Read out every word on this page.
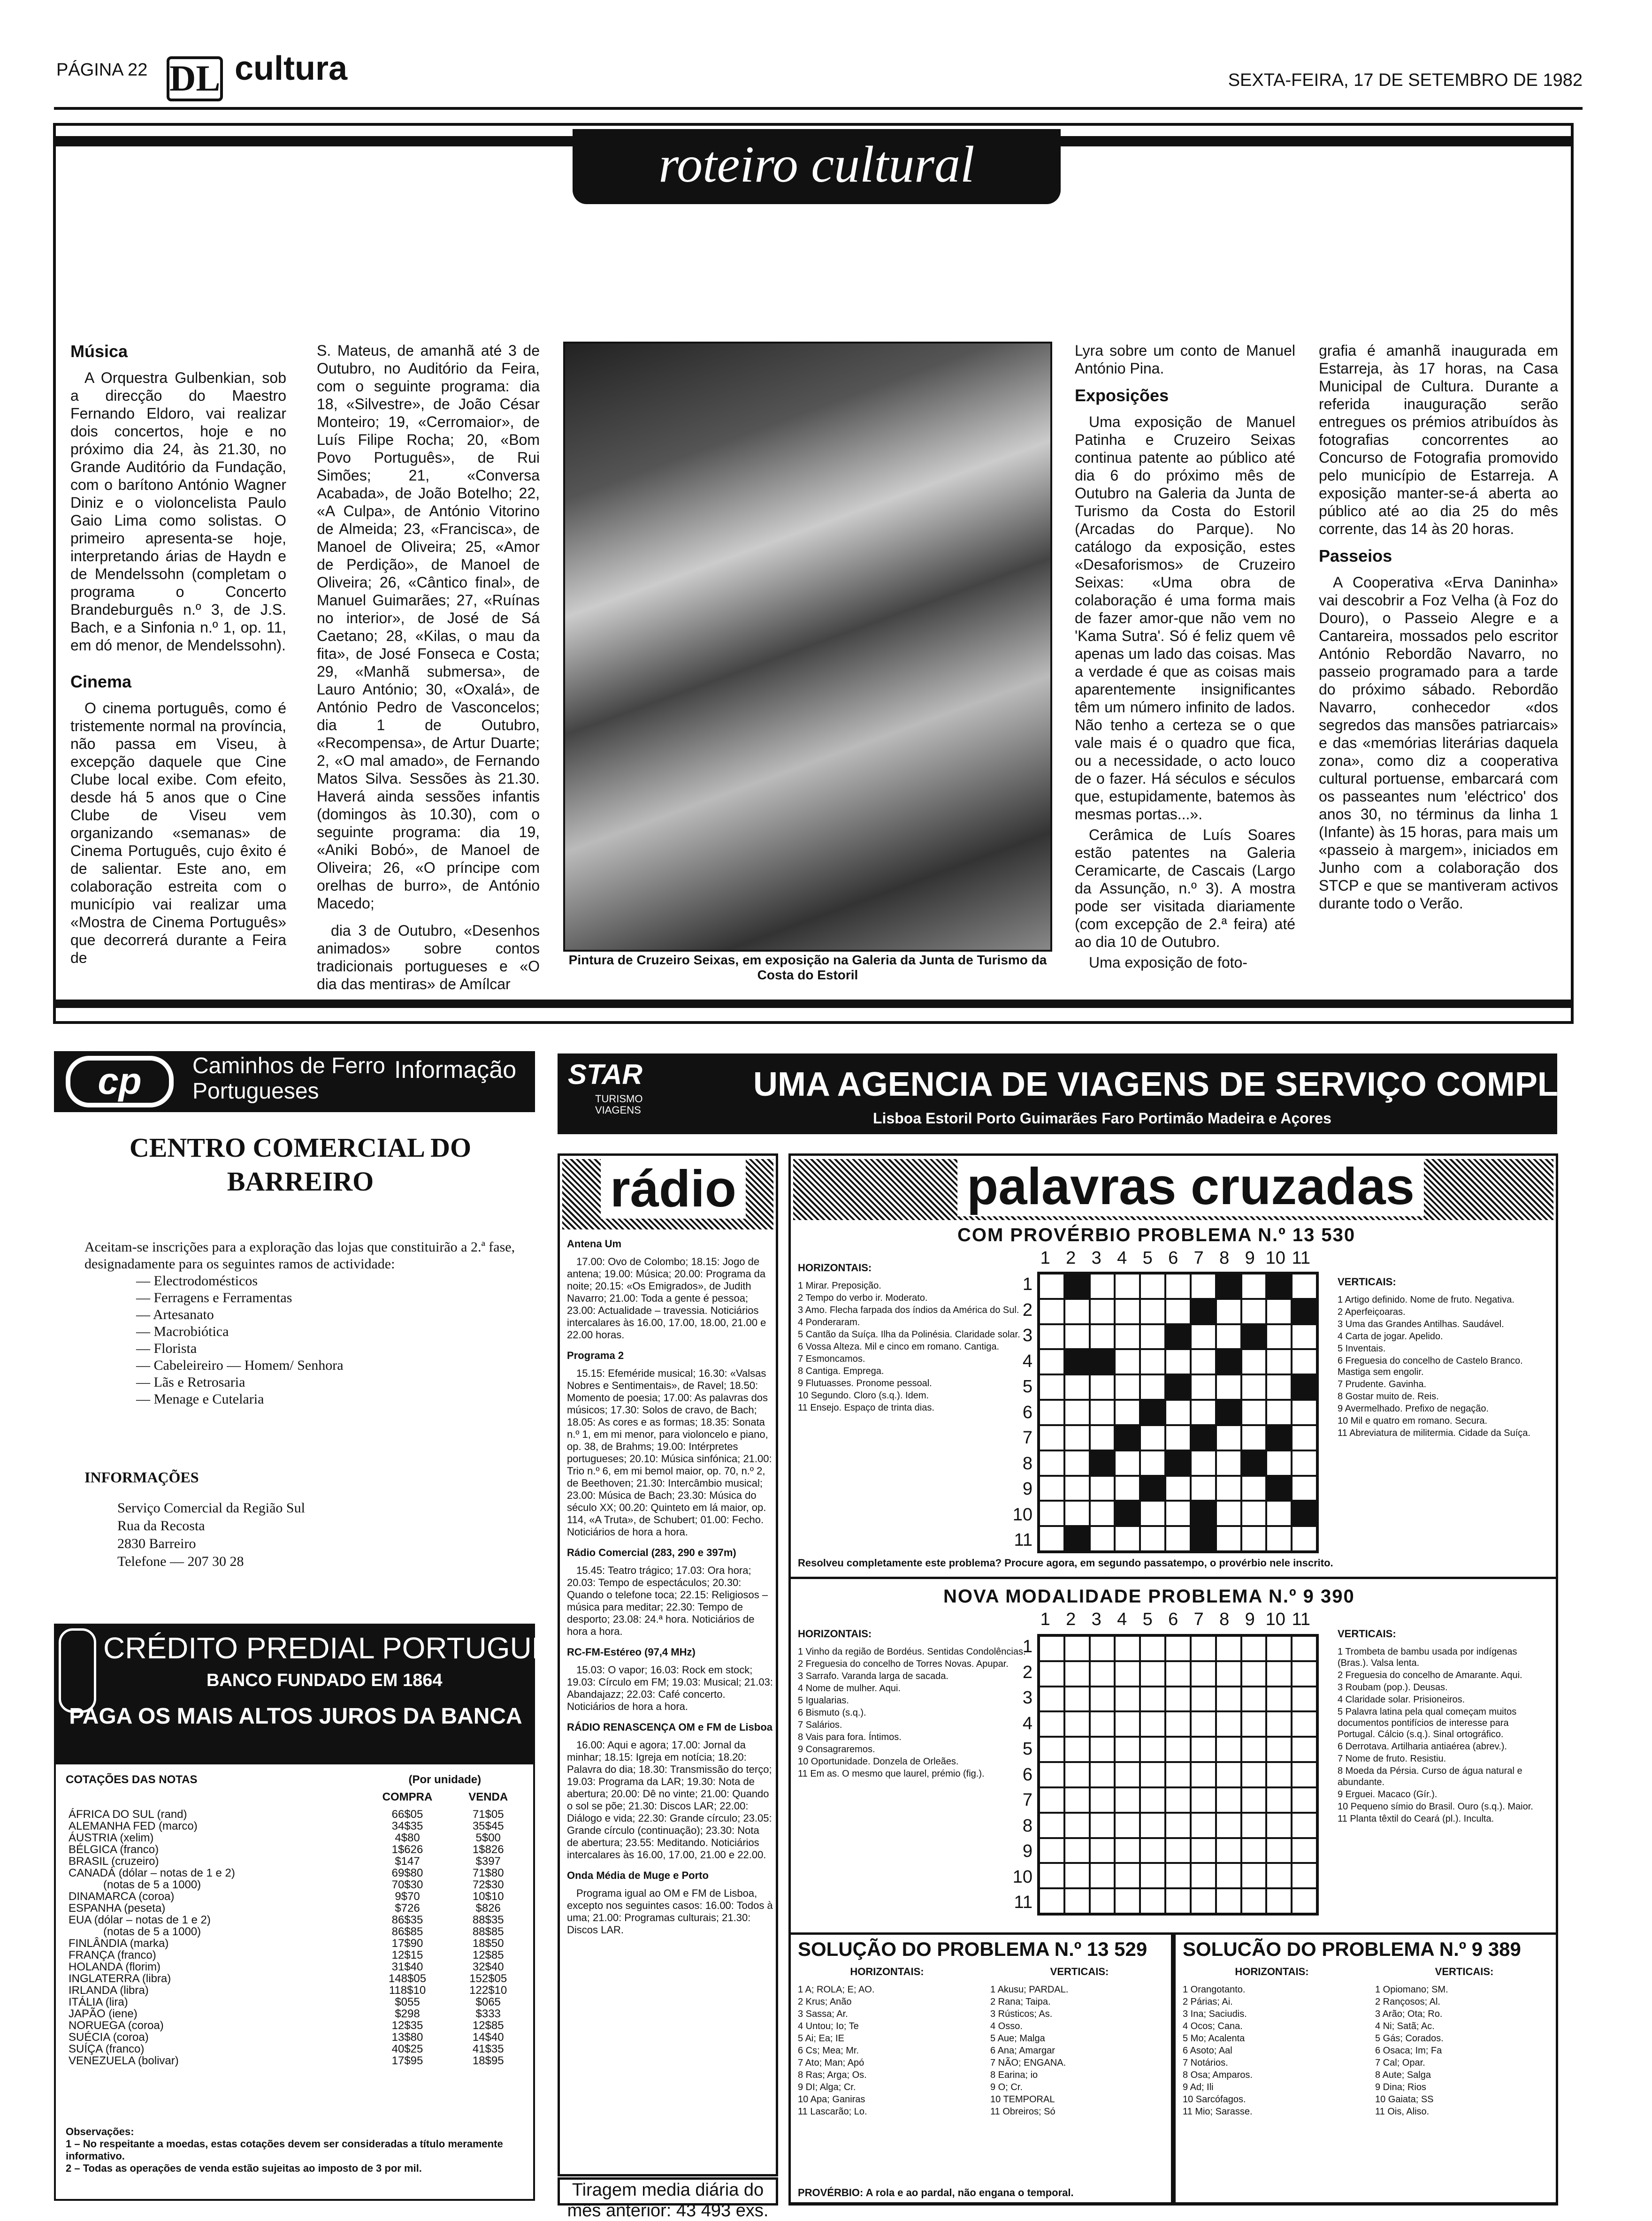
PÁGINA 22 DL cultura	SEXTA-FEIRA, 17 DE SETEMBRO DE 1982
roteiro cultural
Música

A Orquestra Gulbenkian, sob a direcção do Maestro Fernando Eldoro, vai realizar dois concertos, hoje e no próximo dia 24, às 21.30, no Grande Auditório da Fundação, com o barítono António Wagner Diniz e o violoncelista Paulo Gaio Lima como solistas. O primeiro apresenta-se hoje, interpretando árias de Haydn e de Mendelssohn (completam o programa o Concerto Brandeburguês n.º 3, de J.S. Bach, e a Sinfonia n.º 1, op. 11, em dó menor, de Mendelssohn).

Cinema

O cinema português, como é tristemente normal na província, não passa em Viseu, à excepção daquele que Cine Clube local exibe. Com efeito, desde há 5 anos que o Cine Clube de Viseu vem organizando «semanas» de Cinema Português, cujo êxito é de salientar. Este ano, em colaboração estreita com o município vai realizar uma «Mostra de Cinema Português» que decorrerá durante a Feira de

S. Mateus, de amanhã até 3 de Outubro, no Auditório da Feira, com o seguinte programa: dia 18, «Silvestre», de João César Monteiro; 19, «Cerromaior», de Luís Filipe Rocha; 20, «Bom Povo Português», de Rui Simões; 21, «Conversa Acabada», de João Botelho; 22, «A Culpa», de António Vitorino de Almeida; 23, «Francisca», de Manoel de Oliveira; 25, «Amor de Perdição», de Manoel de Oliveira; 26, «Cântico final», de Manuel Guimarães; 27, «Ruínas no interior», de José de Sá Caetano; 28, «Kilas, o mau da fita», de José Fonseca e Costa; 29, «Manhã submersa», de Lauro António; 30, «Oxalá», de António Pedro de Vasconcelos; dia 1 de Outubro, «Recompensa», de Artur Duarte; 2, «O mal amado», de Fernando Matos Silva. Sessões às 21.30. Haverá ainda sessões infantis (domingos às 10.30), com o seguinte programa: dia 19, «Aniki Bobó», de Manoel de Oliveira; 26, «O príncipe com orelhas de burro», de António Macedo;

dia 3 de Outubro, «Desenhos animados» sobre contos tradicionais portugueses e «O dia das mentiras» de Amílcar

Pintura de Cruzeiro Seixas, em exposição na Galeria da Junta de Turismo da Costa do Estoril

Lyra sobre um conto de Manuel António Pina.

Exposições

Uma exposição de Manuel Patinha e Cruzeiro Seixas continua patente ao público até dia 6 do próximo mês de Outubro na Galeria da Junta de Turismo da Costa do Estoril (Arcadas do Parque). No catálogo da exposição, estes «Desaforismos» de Cruzeiro Seixas: «Uma obra de colaboração é uma forma mais de fazer amor-que não vem no 'Kama Sutra'. Só é feliz quem vê apenas um lado das coisas. Mas a verdade é que as coisas mais aparentemente insignificantes têm um número infinito de lados. Não tenho a certeza se o que vale mais é o quadro que fica, ou a necessidade, o acto louco de o fazer. Há séculos e séculos que, estupidamente, batemos às mesmas portas...».

Cerâmica de Luís Soares estão patentes na Galeria Ceramicarte, de Cascais (Largo da Assunção, n.º 3). A mostra pode ser visitada diariamente (com excepção de 2.ª feira) até ao dia 10 de Outubro.

Uma exposição de foto-

grafia é amanhã inaugurada em Estarreja, às 17 horas, na Casa Municipal de Cultura. Durante a referida inauguração serão entregues os prémios atribuídos às fotografias concorrentes ao Concurso de Fotografia promovido pelo município de Estarreja. A exposição manter-se-á aberta ao público até ao dia 25 do mês corrente, das 14 às 20 horas.

Passeios

A Cooperativa «Erva Daninha» vai descobrir a Foz Velha (à Foz do Douro), o Passeio Alegre e a Cantareira, mossados pelo escritor António Rebordão Navarro, no passeio programado para a tarde do próximo sábado. Rebordão Navarro, conhecedor «dos segredos das mansões patriarcais» e das «memórias literárias daquela zona», como diz a cooperativa cultural portuense, embarcará com os passeantes num 'eléctrico' dos anos 30, no términus da linha 1 (Infante) às 15 horas, para mais um «passeio à margem», iniciados em Junho com a colaboração dos STCP e que se mantiveram activos durante todo o Verão.

cp	Caminhos de Ferro
Portugueses
Informação
CENTRO COMERCIAL DO BARREIRO

Aceitam-se inscrições para a exploração das lojas que constituirão a 2.ª fase, designadamente para os seguintes ramos de actividade:

— Electrodomésticos
— Ferragens e Ferramentas
— Artesanato
— Macrobiótica
— Florista
— Cabeleireiro — Homem/ Senhora
— Lãs e Retrosaria
— Menage e Cutelaria
INFORMAÇÕES
Serviço Comercial da Região Sul
Rua da Recosta
2830 Barreiro
Telefone — 207 30 28
CRÉDITO PREDIAL PORTUGUÊS
BANCO FUNDADO EM 1864
PAGA OS MAIS ALTOS JUROS DA BANCA
COTAÇÕES DAS NOTAS	(Por unidade)	
	COMPRA	VENDA
ÁFRICA DO SUL (rand)	66$05	71$05
ALEMANHA FED (marco)	34$35	35$45
ÁUSTRIA (xelim)	4$80	5$00
BÉLGICA (franco)	1$626	1$826
BRASIL (cruzeiro)	$147	$397
CANADÁ (dólar – notas de 1 e 2)	69$80	71$80
(notas de 5 a 1000)	70$30	72$30
DINAMARCA (coroa)	9$70	10$10
ESPANHA (peseta)	$726	$826
EUA (dólar – notas de 1 e 2)	86$35	88$35
(notas de 5 a 1000)	86$85	88$85
FINLÂNDIA (marka)	17$90	18$50
FRANÇA (franco)	12$15	12$85
HOLANDA (florim)	31$40	32$40
INGLATERRA (libra)	148$05	152$05
IRLANDA (libra)	118$10	122$10
ITÁLIA (lira)	$055	$065
JAPÃO (iene)	$298	$333
NORUEGA (coroa)	12$35	12$85
SUÉCIA (coroa)	13$80	14$40
SUÍÇA (franco)	40$25	41$35
VENEZUELA (bolivar)	17$95	18$95
Observações:
1 – No respeitante a moedas, estas cotações devem ser consideradas a título meramente informativo.
2 – Todas as operações de venda estão sujeitas ao imposto de 3 por mil.
STAR
TURISMO VIAGENS
UMA AGENCIA DE VIAGENS DE SERVIÇO COMPLETO
Lisboa Estoril Porto Guimarães Faro Portimão Madeira e Açores
rádio
Antena Um

17.00: Ovo de Colombo; 18.15: Jogo de antena; 19.00: Música; 20.00: Programa da noite; 20.15: «Os Emigrados», de Judith Navarro; 21.00: Toda a gente é pessoa; 23.00: Actualidade – travessia. Noticiários intercalares às 16.00, 17.00, 18.00, 21.00 e 22.00 horas.

Programa 2

15.15: Efeméride musical; 16.30: «Valsas Nobres e Sentimentais», de Ravel; 18.50: Momento de poesia; 17.00: As palavras dos músicos; 17.30: Solos de cravo, de Bach; 18.05: As cores e as formas; 18.35: Sonata n.º 1, em mi menor, para violoncelo e piano, op. 38, de Brahms; 19.00: Intérpretes portugueses; 20.10: Música sinfónica; 21.00: Trio n.º 6, em mi bemol maior, op. 70, n.º 2, de Beethoven; 21.30: Intercâmbio musical; 23.00: Música de Bach; 23.30: Música do século XX; 00.20: Quinteto em lá maior, op. 114, «A Truta», de Schubert; 01.00: Fecho. Noticiários de hora a hora.

Rádio Comercial (283, 290 e 397m)

15.45: Teatro trágico; 17.03: Ora hora; 20.03: Tempo de espectáculos; 20.30: Quando o telefone toca; 22.15: Religiosos – música para meditar; 22.30: Tempo de desporto; 23.08: 24.ª hora. Noticiários de hora a hora.

RC-FM-Estéreo (97,4 MHz)

15.03: O vapor; 16.03: Rock em stock; 19.03: Círculo em FM; 19.03: Musical; 21.03: Abandajazz; 22.03: Café concerto. Noticiários de hora a hora.

RÁDIO RENASCENÇA OM e FM de Lisboa

16.00: Aqui e agora; 17.00: Jornal da minhar; 18.15: Igreja em notícia; 18.20: Palavra do dia; 18.30: Transmissão do terço; 19.03: Programa da LAR; 19.30: Nota de abertura; 20.00: Dê no vinte; 21.00: Quando o sol se põe; 21.30: Discos LAR; 22.00: Diálogo e vida; 22.30: Grande círculo; 23.05: Grande círculo (continuação); 23.30: Nota de abertura; 23.55: Meditando. Noticiários intercalares às 16.00, 17.00, 21.00 e 22.00.

Onda Média de Muge e Porto

Programa igual ao OM e FM de Lisboa, excepto nos seguintes casos: 16.00: Todos à uma; 21.00: Programas culturais; 21.30: Discos LAR.

Tiragem media diária do mês anterior: 43 493 exs.
palavras cruzadas
COM PROVÉRBIO PROBLEMA N.º 13 530
HORIZONTAIS:
1 Mirar. Preposição.
2 Tempo do verbo ir. Moderato.
3 Amo. Flecha farpada dos índios da América do Sul.
4 Ponderaram.
5 Cantão da Suíça. Ilha da Polinésia. Claridade solar.
6 Vossa Alteza. Mil e cinco em romano. Cantiga.
7 Esmoncamos.
8 Cantiga. Emprega.
9 Flutuasses. Pronome pessoal.
10 Segundo. Cloro (s.q.). Idem.
11 Ensejo. Espaço de trinta dias.
1 2 3 4 5 6 7 8 9 10 11
1
2
3
4
5
6
7
8
9
10
11
VERTICAIS:
1 Artigo definido. Nome de fruto. Negativa.
2 Aperfeiçoaras.
3 Uma das Grandes Antilhas. Saudável.
4 Carta de jogar. Apelido.
5 Inventais.
6 Freguesia do concelho de Castelo Branco. Mastiga sem engolir.
7 Prudente. Gavinha.
8 Gostar muito de. Reis.
9 Avermelhado. Prefixo de negação.
10 Mil e quatro em romano. Secura.
11 Abreviatura de militermia. Cidade da Suíça.
Resolveu completamente este problema? Procure agora, em segundo passatempo, o provérbio nele inscrito.
NOVA MODALIDADE PROBLEMA N.º 9 390
HORIZONTAIS:
1 Vinho da região de Bordéus. Sentidas Condolências.
2 Freguesia do concelho de Torres Novas. Apupar.
3 Sarrafo. Varanda larga de sacada.
4 Nome de mulher. Aqui.
5 Igualarias.
6 Bismuto (s.q.).
7 Salários.
8 Vais para fora. Íntimos.
9 Consagraremos.
10 Oportunidade. Donzela de Orleães.
11 Em as. O mesmo que laurel, prémio (fig.).
1 2 3 4 5 6 7 8 9 10 11
1
2
3
4
5
6
7
8
9
10
11
VERTICAIS:
1 Trombeta de bambu usada por indígenas (Bras.). Valsa lenta.
2 Freguesia do concelho de Amarante. Aqui.
3 Roubam (pop.). Deusas.
4 Claridade solar. Prisioneiros.
5 Palavra latina pela qual começam muitos documentos pontifícios de interesse para Portugal. Cálcio (s.q.). Sinal ortográfico.
6 Derrotava. Artilharia antiaérea (abrev.).
7 Nome de fruto. Resistiu.
8 Moeda da Pérsia. Curso de água natural e abundante.
9 Erguei. Macaco (Gír.).
10 Pequeno símio do Brasil. Ouro (s.q.). Maior.
11 Planta têxtil do Ceará (pl.). Inculta.
SOLUÇÃO DO PROBLEMA N.º 13 529
HORIZONTAIS:
1 A; ROLA; E; AO.
2 Krus; Anão
3 Sassa; Ar.
4 Untou; Io; Te
5 Ai; Ea; IE
6 Cs; Mea; Mr.
7 Ato; Man; Apó
8 Ras; Arga; Os.
9 DI; Alga; Cr.
10 Apa; Ganiras
11 Lascarão; Lo.
VERTICAIS:
1 Akusu; PARDAL.
2 Rana; Taipa.
3 Rústicos; As.
4 Osso.
5 Aue; Malga
6 Ana; Amargar
7 NÃO; ENGANA.
8 Earina; io
9 O; Cr.
10 TEMPORAL
11 Obreiros; Só
PROVÉRBIO: A rola e ao pardal, não engana o temporal.
SOLUCÃO DO PROBLEMA N.º 9 389
HORIZONTAIS:
1 Orangotanto.
2 Párias; Ai.
3 Ina; Saciudis.
4 Ocos; Cana.
5 Mo; Acalenta
6 Asoto; Aal
7 Notários.
8 Osa; Amparos.
9 Ad; Ili
10 Sarcófagos.
11 Mio; Sarasse.
VERTICAIS:
1 Opiomano; SM.
2 Rançosos; Al.
3 Arão; Ota; Ro.
4 Ni; Satã; Ac.
5 Gás; Corados.
6 Osaca; Im; Fa
7 Cal; Opar.
8 Aute; Salga
9 Dina; Rios
10 Gaiata; SS
11 Ois, Aliso.
